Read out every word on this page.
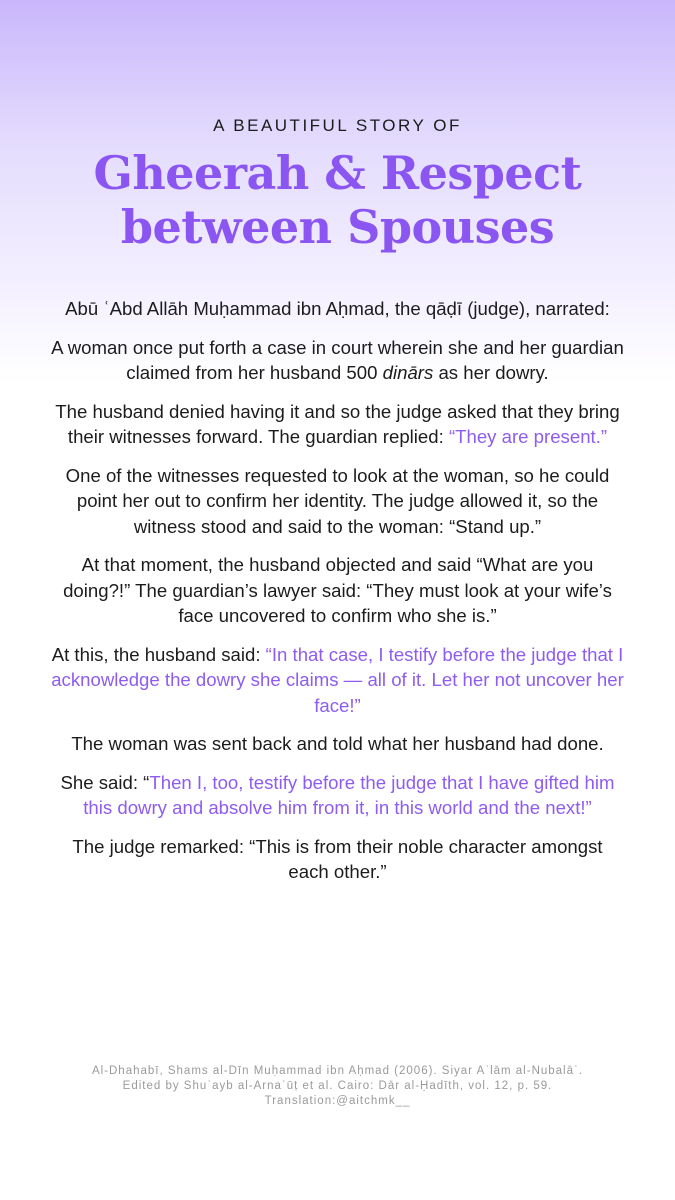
A BEAUTIFUL STORY OF
Gheerah & Respect
between Spouses

Abū ʿAbd Allāh Muḥammad ibn Aḥmad, the qāḍī (judge), narrated:

A woman once put forth a case in court wherein she and her guardian claimed from her husband 500 dinārs as her dowry.

The husband denied having it and so the judge asked that they bring their witnesses forward. The guardian replied: “They are present.”

One of the witnesses requested to look at the woman, so he could point her out to confirm her identity. The judge allowed it, so the witness stood and said to the woman: “Stand up.”

At that moment, the husband objected and said “What are you doing?!” The guardian’s lawyer said: “They must look at your wife’s face uncovered to confirm who she is.”

At this, the husband said: “In that case, I testify before the judge that I acknowledge the dowry she claims — all of it. Let her not uncover her face!”

The woman was sent back and told what her husband had done.

She said: “Then I, too, testify before the judge that I have gifted him this dowry and absolve him from it, in this world and the next!”

The judge remarked: “This is from their noble character amongst each other.”

Al-Dhahabī, Shams al-Dīn Muḥammad ibn Aḥmad (2006). Siyar Aʿlām al-Nubalāʾ.
Edited by Shuʿayb al-Arnaʾūṭ et al. Cairo: Dār al-Ḥadīth, vol. 12, p. 59.
Translation:@aitchmk__
